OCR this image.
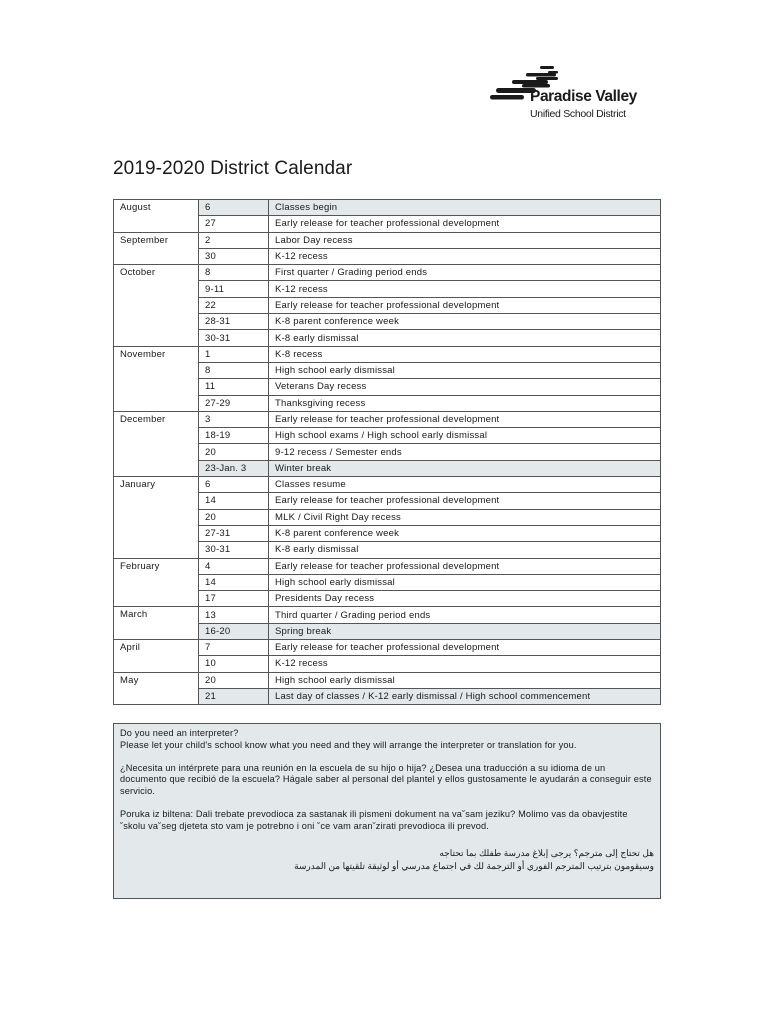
Paradise Valley
Unified School District
2019-2020 District Calendar
August	6	Classes begin
	27	Early release for teacher professional development
September	2	Labor Day recess
	30	K-12 recess
October	8	First quarter / Grading period ends
	9-11	K-12 recess
	22	Early release for teacher professional development
	28-31	K-8 parent conference week
	30-31	K-8 early dismissal
November	1	K-8 recess
	8	High school early dismissal
	11	Veterans Day recess
	27-29	Thanksgiving recess
December	3	Early release for teacher professional development
	18-19	High school exams / High school early dismissal
	20	9-12 recess / Semester ends
	23-Jan. 3	Winter break
January	6	Classes resume
	14	Early release for teacher professional development
	20	MLK / Civil Right Day recess
	27-31	K-8 parent conference week
	30-31	K-8 early dismissal
February	4	Early release for teacher professional development
	14	High school early dismissal
	17	Presidents Day recess
March	13	Third quarter / Grading period ends
	16-20	Spring break
April	7	Early release for teacher professional development
	10	K-12 recess
May	20	High school early dismissal
	21	Last day of classes / K-12 early dismissal / High school commencement

Do you need an interpreter?
Please let your child's school know what you need and they will arrange the interpreter or translation for you.

¿Necesita un intérprete para una reunión en la escuela de su hijo o hija? ¿Desea una traducción a su idioma de un documento que recibió de la escuela? Hágale saber al personal del plantel y ellos gustosamente le ayudarán a conseguir este servicio.

Poruka iz biltena: Dali trebate prevodioca za sastanak ili pismeni dokument na va˘sam jeziku? Molimo vas da obavjestite ˘skolu va˘seg djeteta sto vam je potrebno i oni ˘ce vam aran˘zirati prevodioca ili prevod.

هل تحتاج إلى مترجم؟ يرجى إبلاغ مدرسة طفلك بما تحتاجه
وسيقومون بترتيب المترجم الفوري أو الترجمة لك في اجتماع مدرسي أو لوثيقة تلقيتها من المدرسة
